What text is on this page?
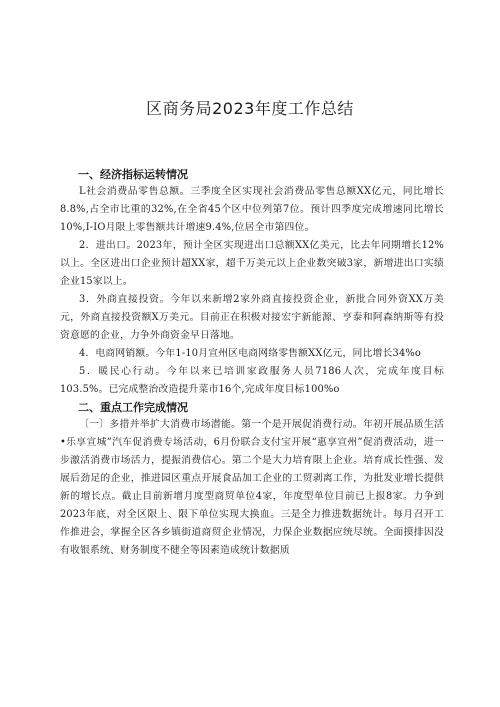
区商务局2023年度工作总结
一、经济指标运转情况
L社会消费品零售总额。三季度全区实现社会消费品零售总额XX亿元，同比增长8.8%,占全市比重的32%,在全省45个区中位列第7位。预计四季度完成增速同比增长10%,I-IO月限上零售额共计增速9.4%,位居全市第四位。
2．进出口。2023年，预计全区实现进出口总额XX亿美元，比去年同期增长12%以上。全区进出口企业预计超XX家，超千万美元以上企业数突破3家，新增进出口实绩企业15家以上。
3．外商直接投资。今年以来新增2家外商直接投资企业，新批合同外资XX万美元，外商直接投资额X万美元。目前正在积极对接宏宇新能源、亨泰和阿森纳斯等有投资意愿的企业，力争外商资金早日落地。
4．电商网销额。今年1-10月宣州区电商网络零售额XX亿元，同比增长34%o
5．暖民心行动。今年以来已培训家政服务人员7186人次，完成年度目标103.5%。已完成整治改造提升菜市16个,完成年度目标100%o
二、重点工作完成情况
〔一〕多措并举扩大消费市场潜能。第一个是开展促消费行动。年初开展品质生活•乐享宣城”汽车促消费专场活动，6月份联合支付宝开展“惠享宣州”促消费活动，进一步激活消费市场活力，提振消费信心。第二个是大力培育限上企业。培育成长性强、发展后劲足的企业，推进园区重点开展食品加工企业的工贸剥离工作，为批发业增长提供新的增长点。截止目前新增月度型商贸单位4家，年度型单位目前已上报8家。力争到2023年底，对全区限上、限下单位实现大换血。三是全力推进数据统计。每月召开工作推进会，掌握全区各乡镇街道商贸企业情况，力保企业数据应统尽统。全面摸排因没有收银系统、财务制度不健全等因素造成统计数据质
